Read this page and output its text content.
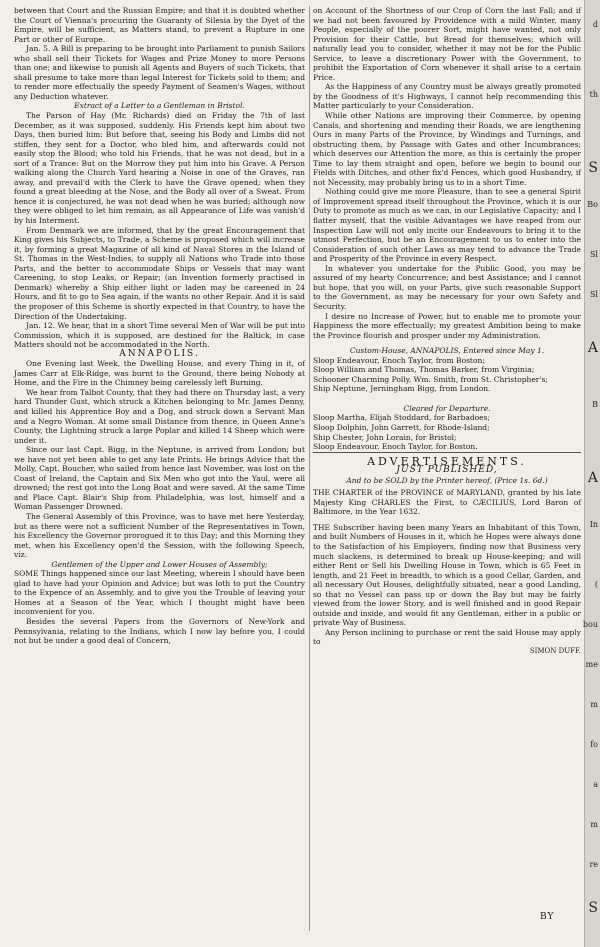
between that Court and the Russian Empire; and that it is doubted whether the Court of Vienna's procuring the Guaranty of Silesia by the Dyet of the Empire, will be sufficient, as Matters stand, to prevent a Rupture in one Part or other of Europe.

Jan. 5. A Bill is preparing to be brought into Parliament to punish Sailors who shall sell their Tickets for Wages and Prize Money to more Persons than one; and likewise to punish all Agents and Buyers of such Tickets, that shall presume to take more than legal Interest for Tickets sold to them; and to render more effectually the speedy Payment of Seamen's Wages, without any Deduction whatever.

Extract of a Letter to a Gentleman in Bristol.

The Parson of Hay (Mr. Richards) died on Friday the 7th of last December, as it was supposed, suddenly. His Friends kept him about two Days, then buried him: But before that, seeing his Body and Limbs did not stiffen, they sent for a Doctor, who bled him, and afterwards could not easily stop the Blood; who told his Friends, that he was not dead, but in a sort of a Trance: But on the Morrow they put him into his Grave. A Person walking along the Church Yard hearing a Noise in one of the Graves, ran away, and prevail'd with the Clerk to have the Grave opened; when they found a great bleeding at the Nose, and the Body all over of a Sweat. From hence it is conjectured, he was not dead when he was buried; although now they were obliged to let him remain, as all Appearance of Life was vanish'd by his Interment.

From Denmark we are informed, that by the great Encouragement that King gives his Subjects, to Trade, a Scheme is proposed which will increase it, by forming a great Magazine of all kind of Naval Stores in the Island of St. Thomas in the West-Indies, to supply all Nations who Trade into those Parts, and the better to accommodate Ships or Vessels that may want Careening, to stop Leaks, or Repair; (an Invention formerly practised in Denmark) whereby a Ship either light or laden may be careened in 24 Hours, and fit to go to Sea again, if the wants no other Repair. And it is said the proposer of this Scheme is shortly expected in that Country, to have the Direction of the Undertaking.

Jan. 12. We hear, that in a short Time several Men of War will be put into Commission, which it is supposed, are destined for the Baltick, in case Matters should not be accommodated in the North.

ANNAPOLIS.

One Evening last Week, the Dwelling House, and every Thing in it, of James Carr at Elk-Ridge, was burnt to the Ground, there being Nobody at Home, and the Fire in the Chimney being carelessly left Burning.

We hear from Talbot County, that they had there on Thursday last, a very hard Thunder Gust, which struck a Kitchen belonging to Mr. James Denny, and killed his Apprentice Boy and a Dog, and struck down a Servant Man and a Negro Woman. At some small Distance from thence, in Queen Anne's County, the Lightning struck a large Poplar and killed 14 Sheep which were under it.

Since our last Capt. Bigg, in the Neptune, is arrived from London; but we have not yet been able to get any late Prints. He brings Advice that the Molly, Capt. Boucher, who sailed from hence last November, was lost on the Coast of Ireland, the Captain and Six Men who got into the Yaul, were all drowned; the rest got into the Long Boat and were saved. At the same Time and Place Capt. Blair's Ship from Philadelphia, was lost, himself and a Woman Passenger Drowned.

The General Assembly of this Province, was to have met here Yesterday, but as there were not a sufficient Number of the Representatives in Town, his Excellency the Governor prorogued it to this Day; and this Morning they met, when his Excellency open'd the Session, with the following Speech, viz.

Gentlemen of the Upper and Lower Houses of Assembly;

SOME Things happened since our last Meeting, wherein I should have been glad to have had your Opinion and Advice; but was loth to put the Country to the Expence of an Assembly, and to give you the Trouble of leaving your Homes at a Season of the Year, which I thought might have been inconvenient for you.

Besides the several Papers from the Governors of New-York and Pennsylvania, relating to the Indians, which I now lay before you, I could not but be under a good deal of Concern,

on Account of the Shortness of our Crop of Corn the last Fall; and if we had not been favoured by Providence with a mild Winter, many People, especially of the poorer Sort, might have wanted, not only Provision for their Cattle, but Bread for themselves; which will naturally lead you to consider, whether it may not be for the Public Service, to leave a discretionary Power with the Government, to prohibit the Exportation of Corn whenever it shall arise to a certain Price.

As the Happiness of any Country must be always greatly promoted by the Goodness of it's Highways, I cannot help recommending this Matter particularly to your Consideration.

While other Nations are improving their Commerce, by opening Canals, and shortening and mending their Roads, we are lengthening Ours in many Parts of the Province, by Windings and Turnings, and obstructing them, by Passage with Gates and other Incumbrances; which deserves our Attention the more, as this is certainly the proper Time to lay them straight and open, before we begin to bound our Fields with Ditches, and other fix'd Fences, which good Husbandry, if not Necessity, may probably bring us to in a short Time.

Nothing could give me more Pleasure, than to see a general Spirit of Improvement spread itself throughout the Province, which it is our Duty to promote as much as we can, in our Legislative Capacity; and I flatter myself, that the visible Advantages we have reaped from our Inspection Law will not only incite our Endeavours to bring it to the utmost Perfection, but be an Encouragement to us to enter into the Consideration of such other Laws as may tend to advance the Trade and Prosperity of the Province in every Respect.

In whatever you undertake for the Public Good, you may be assured of my hearty Concurrence; and best Assistance; and I cannot but hope, that you will, on your Parts, give such reasonable Support to the Government, as may be necessary for your own Safety and Security.

I desire no Increase of Power, but to enable me to promote your Happiness the more effectually; my greatest Ambition being to make the Province flourish and prosper under my Administration.

Custom-House, ANNAPOLIS, Entered since May 1.

Sloop Endeavour, Enoch Taylor, from Boston;

Sloop William and Thomas, Thomas Barker, from Virginia;

Schooner Charming Polly, Wm. Smith, from St. Christopher's;

Ship Neptune, Jerningham Bigg, from London.

Cleared for Departure.

Sloop Martha, Elijah Stoddard, for Barbadoes;

Sloop Dolphin, John Garrett, for Rhode-Island;

Ship Chester, John Lorain, for Bristol;

Sloop Endeavour, Enoch Taylor, for Boston.

ADVERTISEMENTS.

JUST PUBLISHED,

And to be SOLD by the Printer hereof, (Price 1s. 6d.)

THE CHARTER of the PROVINCE of MARYLAND, granted by his late Majesty King CHARLES the First, to CÆCILIUS, Lord Baron of Baltimore, in the Year 1632.

THE Subscriber having been many Years an Inhabitant of this Town, and built Numbers of Houses in it, which he Hopes were always done to the Satisfaction of his Employers, finding now that Business very much slackens, is determined to break up House-keeping; and will either Rent or Sell his Dwelling House in Town, which is 65 Feet in length, and 21 Feet in breadth, to which is a good Cellar, Garden, and all necessary Out Houses, delightfully situated, near a good Landing, so that no Vessel can pass up or down the Bay but may be fairly viewed from the lower Story, and is well finished and in good Repair outside and inside, and would fit any Gentleman, either in a public or private Way of Business.

Any Person inclining to purchase or rent the said House may apply to

SIMON DUFF.

d
th
S
Bo
Sl
Sl
A
B
A
In
(
bou
me
m
fo
a
m
re
S
BY
